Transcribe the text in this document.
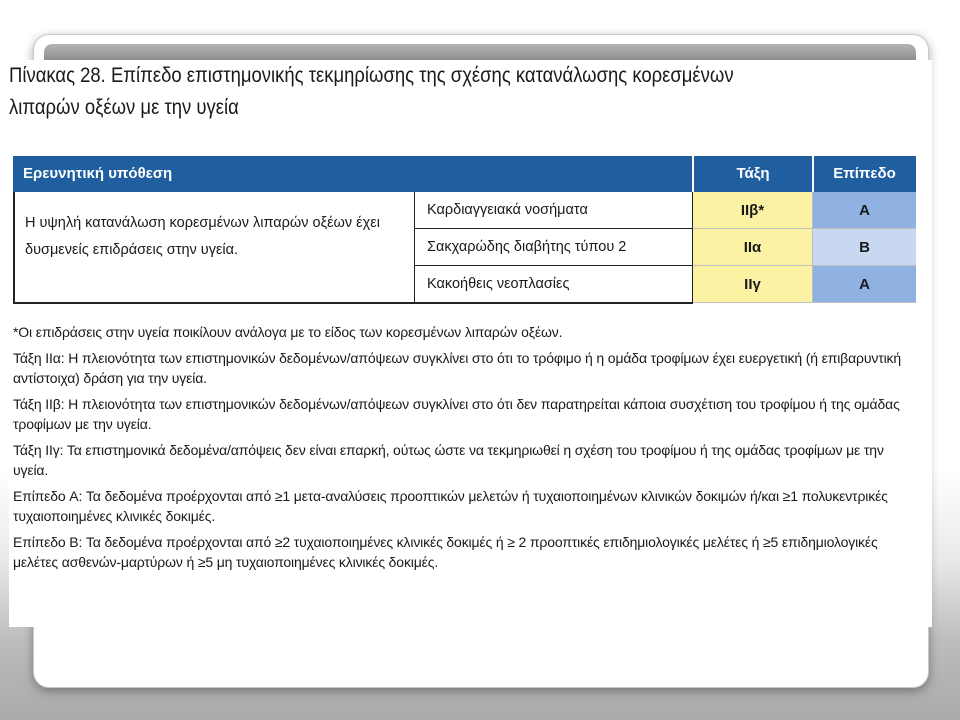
Πίνακας 28. Επίπεδο επιστημονικής τεκμηρίωσης της σχέσης κατανάλωσης κορεσμένων
λιπαρών οξέων με την υγεία
Ερευνητική υπόθεση	Τάξη	Επίπεδο
Η υψηλή κατανάλωση κορεσμένων λιπαρών οξέων έχει δυσμενείς επιδράσεις στην υγεία.
Καρδιαγγειακά νοσήματα	IIβ*	A
Σακχαρώδης διαβήτης τύπου 2	IIα	B
Κακοήθεις νεοπλασίες	IIγ	A

*Οι επιδράσεις στην υγεία ποικίλουν ανάλογα με το είδος των κορεσμένων λιπαρών οξέων.

Τάξη IIα: Η πλειονότητα των επιστημονικών δεδομένων/απόψεων συγκλίνει στο ότι το τρόφιμο ή η ομάδα τροφίμων έχει ευεργετική (ή επιβαρυντική αντίστοιχα) δράση για την υγεία.

Τάξη IIβ: Η πλειονότητα των επιστημονικών δεδομένων/απόψεων συγκλίνει στο ότι δεν παρατηρείται κάποια συσχέτιση του τροφίμου ή της ομάδας τροφίμων με την υγεία.

Τάξη IIγ: Τα επιστημονικά δεδομένα/απόψεις δεν είναι επαρκή, ούτως ώστε να τεκμηριωθεί η σχέση του τροφίμου ή της ομάδας τροφίμων με την υγεία.

Επίπεδο A: Τα δεδομένα προέρχονται από ≥1 μετα-αναλύσεις προοπτικών μελετών ή τυχαιοποιημένων κλινικών δοκιμών ή/και ≥1 πολυκεντρικές τυχαιοποιημένες κλινικές δοκιμές.

Επίπεδο B: Τα δεδομένα προέρχονται από ≥2 τυχαιοποιημένες κλινικές δοκιμές ή ≥ 2 προοπτικές επιδημιολογικές μελέτες ή ≥5 επιδημιολογικές μελέτες ασθενών-μαρτύρων ή ≥5 μη τυχαιοποιημένες κλινικές δοκιμές.
